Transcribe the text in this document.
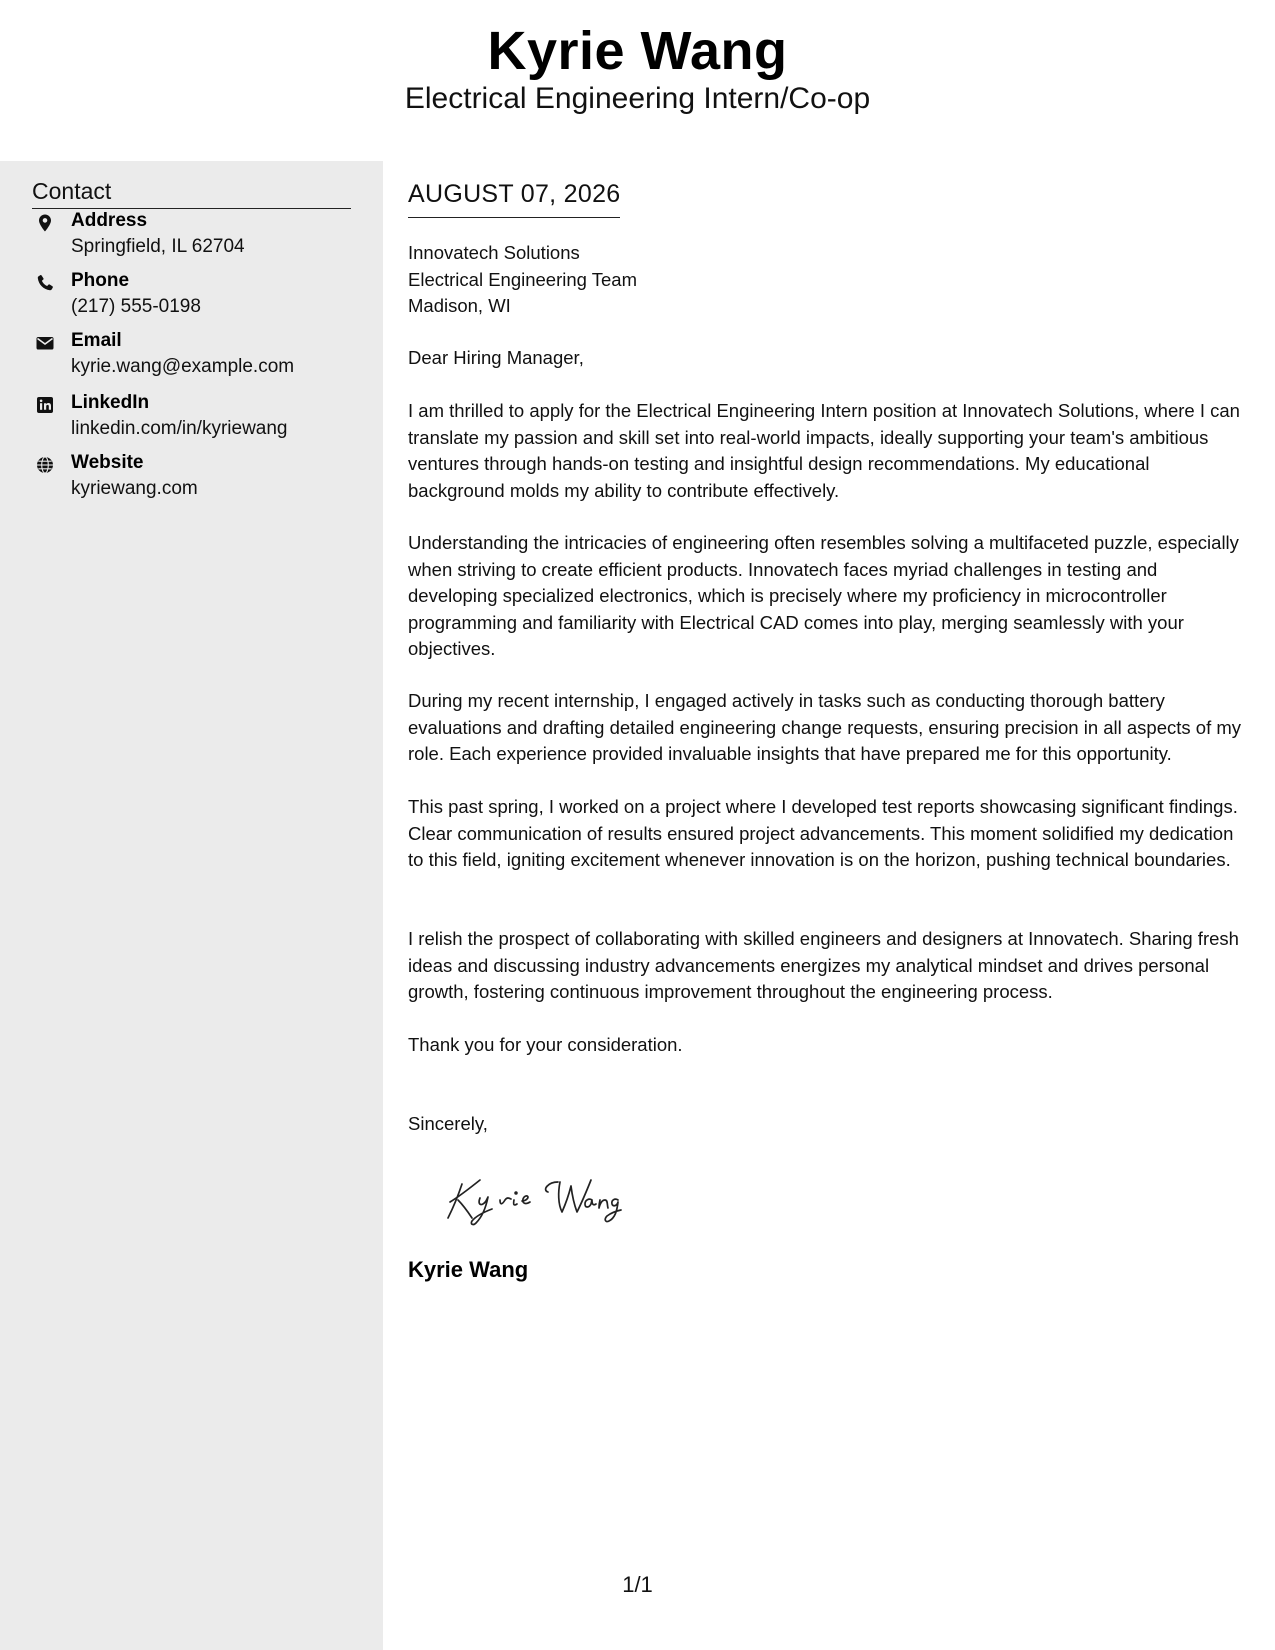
Kyrie Wang
Electrical Engineering Intern/Co-op
Contact
Address
Springfield, IL 62704
Phone
(217) 555-0198
Email
kyrie.wang@example.com
LinkedIn
linkedin.com/in/kyriewang
Website
kyriewang.com
AUGUST 07, 2026
Innovatech Solutions
Electrical Engineering Team
Madison, WI
Dear Hiring Manager,
I am thrilled to apply for the Electrical Engineering Intern position at Innovatech Solutions, where I can translate my passion and skill set into real-world impacts, ideally supporting your team's ambitious ventures through hands-on testing and insightful design recommendations. My educational background molds my ability to contribute effectively.
Understanding the intricacies of engineering often resembles solving a multifaceted puzzle, especially when striving to create efficient products. Innovatech faces myriad challenges in testing and developing specialized electronics, which is precisely where my proficiency in microcontroller programming and familiarity with Electrical CAD comes into play, merging seamlessly with your objectives.
During my recent internship, I engaged actively in tasks such as conducting thorough battery evaluations and drafting detailed engineering change requests, ensuring precision in all aspects of my role. Each experience provided invaluable insights that have prepared me for this opportunity.
This past spring, I worked on a project where I developed test reports showcasing significant findings. Clear communication of results ensured project advancements. This moment solidified my dedication to this field, igniting excitement whenever innovation is on the horizon, pushing technical boundaries.
I relish the prospect of collaborating with skilled engineers and designers at Innovatech. Sharing fresh ideas and discussing industry advancements energizes my analytical mindset and drives personal growth, fostering continuous improvement throughout the engineering process.
Thank you for your consideration.
Sincerely,
Kyrie Wang
1/1
